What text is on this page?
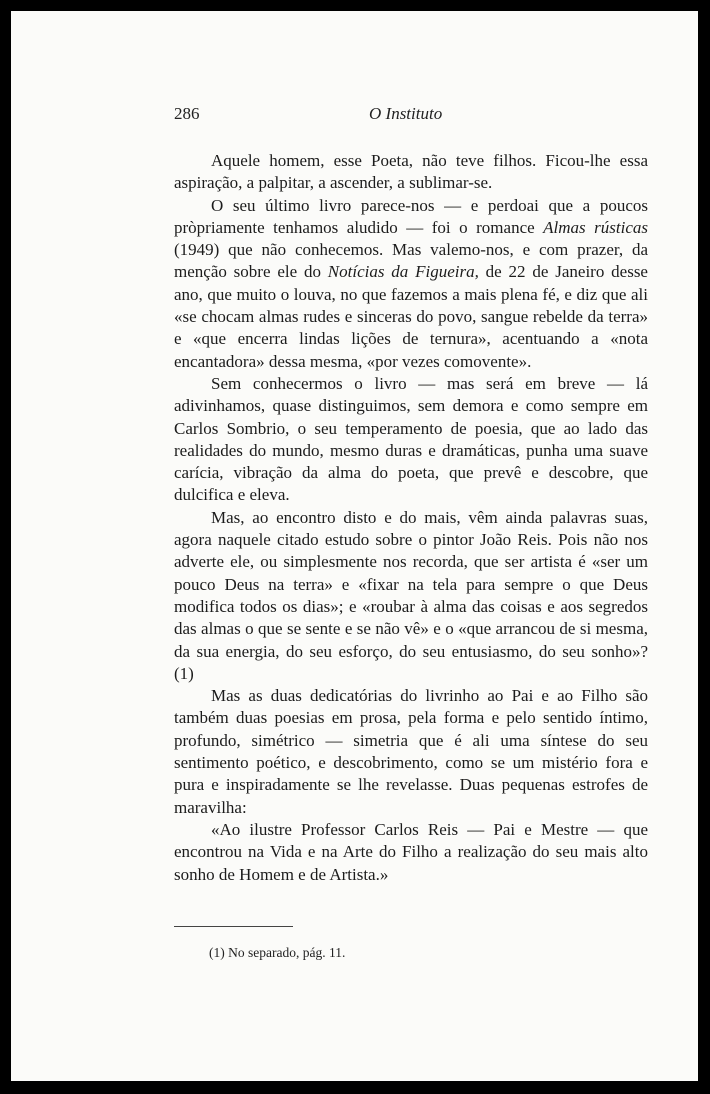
286	O Instituto

Aquele homem, esse Poeta, não teve filhos. Ficou-lhe essa aspiração, a palpitar, a ascender, a sublimar-se.

O seu último livro parece-nos — e perdoai que a poucos pròpriamente tenhamos aludido — foi o romance Almas rústicas (1949) que não conhecemos. Mas valemo-nos, e com prazer, da menção sobre ele do Notícias da Figueira, de 22 de Janeiro desse ano, que muito o louva, no que fazemos a mais plena fé, e diz que ali «se chocam almas rudes e sinceras do povo, sangue rebelde da terra» e «que encerra lindas lições de ternura», acentuando a «nota encantadora» dessa mesma, «por vezes comovente».

Sem conhecermos o livro — mas será em breve — lá adivinhamos, quase distinguimos, sem demora e como sempre em Carlos Sombrio, o seu temperamento de poesia, que ao lado das realidades do mundo, mesmo duras e dramáticas, punha uma suave carícia, vibração da alma do poeta, que prevê e descobre, que dulcifica e eleva.

Mas, ao encontro disto e do mais, vêm ainda palavras suas, agora naquele citado estudo sobre o pintor João Reis. Pois não nos adverte ele, ou simplesmente nos recorda, que ser artista é «ser um pouco Deus na terra» e «fixar na tela para sempre o que Deus modifica todos os dias»; e «roubar à alma das coisas e aos segredos das almas o que se sente e se não vê» e o «que arrancou de si mesma, da sua energia, do seu esforço, do seu entusiasmo, do seu sonho»? (1)

Mas as duas dedicatórias do livrinho ao Pai e ao Filho são também duas poesias em prosa, pela forma e pelo sentido íntimo, profundo, simétrico — simetria que é ali uma síntese do seu sentimento poético, e descobrimento, como se um mistério fora e pura e inspiradamente se lhe revelasse. Duas pequenas estrofes de maravilha:

«Ao ilustre Professor Carlos Reis — Pai e Mestre — que encontrou na Vida e na Arte do Filho a realização do seu mais alto sonho de Homem e de Artista.»

(1) No separado, pág. 11.
